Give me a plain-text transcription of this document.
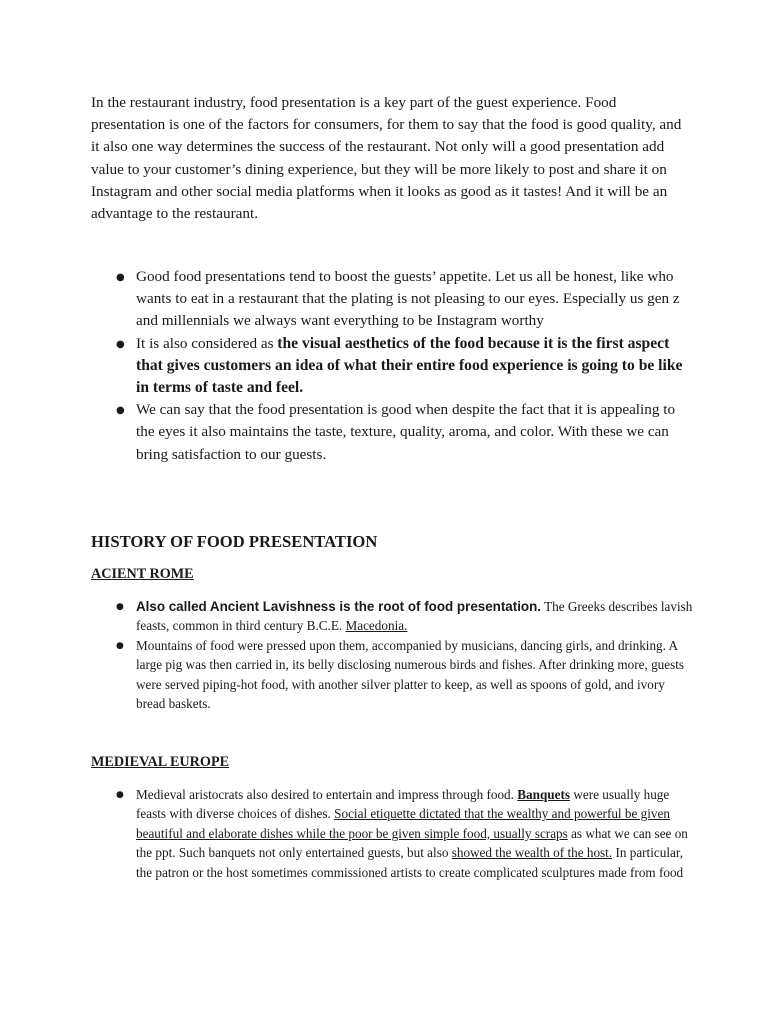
In the restaurant industry, food presentation is a key part of the guest experience. Food presentation is one of the factors for consumers, for them to say that the food is good quality, and it also one way determines the success of the restaurant. Not only will a good presentation add value to your customer’s dining experience, but they will be more likely to post and share it on Instagram and other social media platforms when it looks as good as it tastes! And it will be an advantage to the restaurant.

● Good food presentations tend to boost the guests’ appetite. Let us all be honest, like who wants to eat in a restaurant that the plating is not pleasing to our eyes. Especially us gen z and millennials we always want everything to be Instagram worthy
● It is also considered as the visual aesthetics of the food because it is the first aspect that gives customers an idea of what their entire food experience is going to be like in terms of taste and feel.
● We can say that the food presentation is good when despite the fact that it is appealing to the eyes it also maintains the taste, texture, quality, aroma, and color. With these we can bring satisfaction to our guests.
HISTORY OF FOOD PRESENTATION
ACIENT ROME
● Also called Ancient Lavishness is the root of food presentation. The Greeks describes lavish feasts, common in third century B.C.E. Macedonia.
● Mountains of food were pressed upon them, accompanied by musicians, dancing girls, and drinking. A large pig was then carried in, its belly disclosing numerous birds and fishes. After drinking more, guests were served piping-hot food, with another silver platter to keep, as well as spoons of gold, and ivory bread baskets.
MEDIEVAL EUROPE
● Medieval aristocrats also desired to entertain and impress through food. Banquets were usually huge feasts with diverse choices of dishes. Social etiquette dictated that the wealthy and powerful be given beautiful and elaborate dishes while the poor be given simple food, usually scraps as what we can see on the ppt. Such banquets not only entertained guests, but also showed the wealth of the host. In particular, the patron or the host sometimes commissioned artists to create complicated sculptures made from food
